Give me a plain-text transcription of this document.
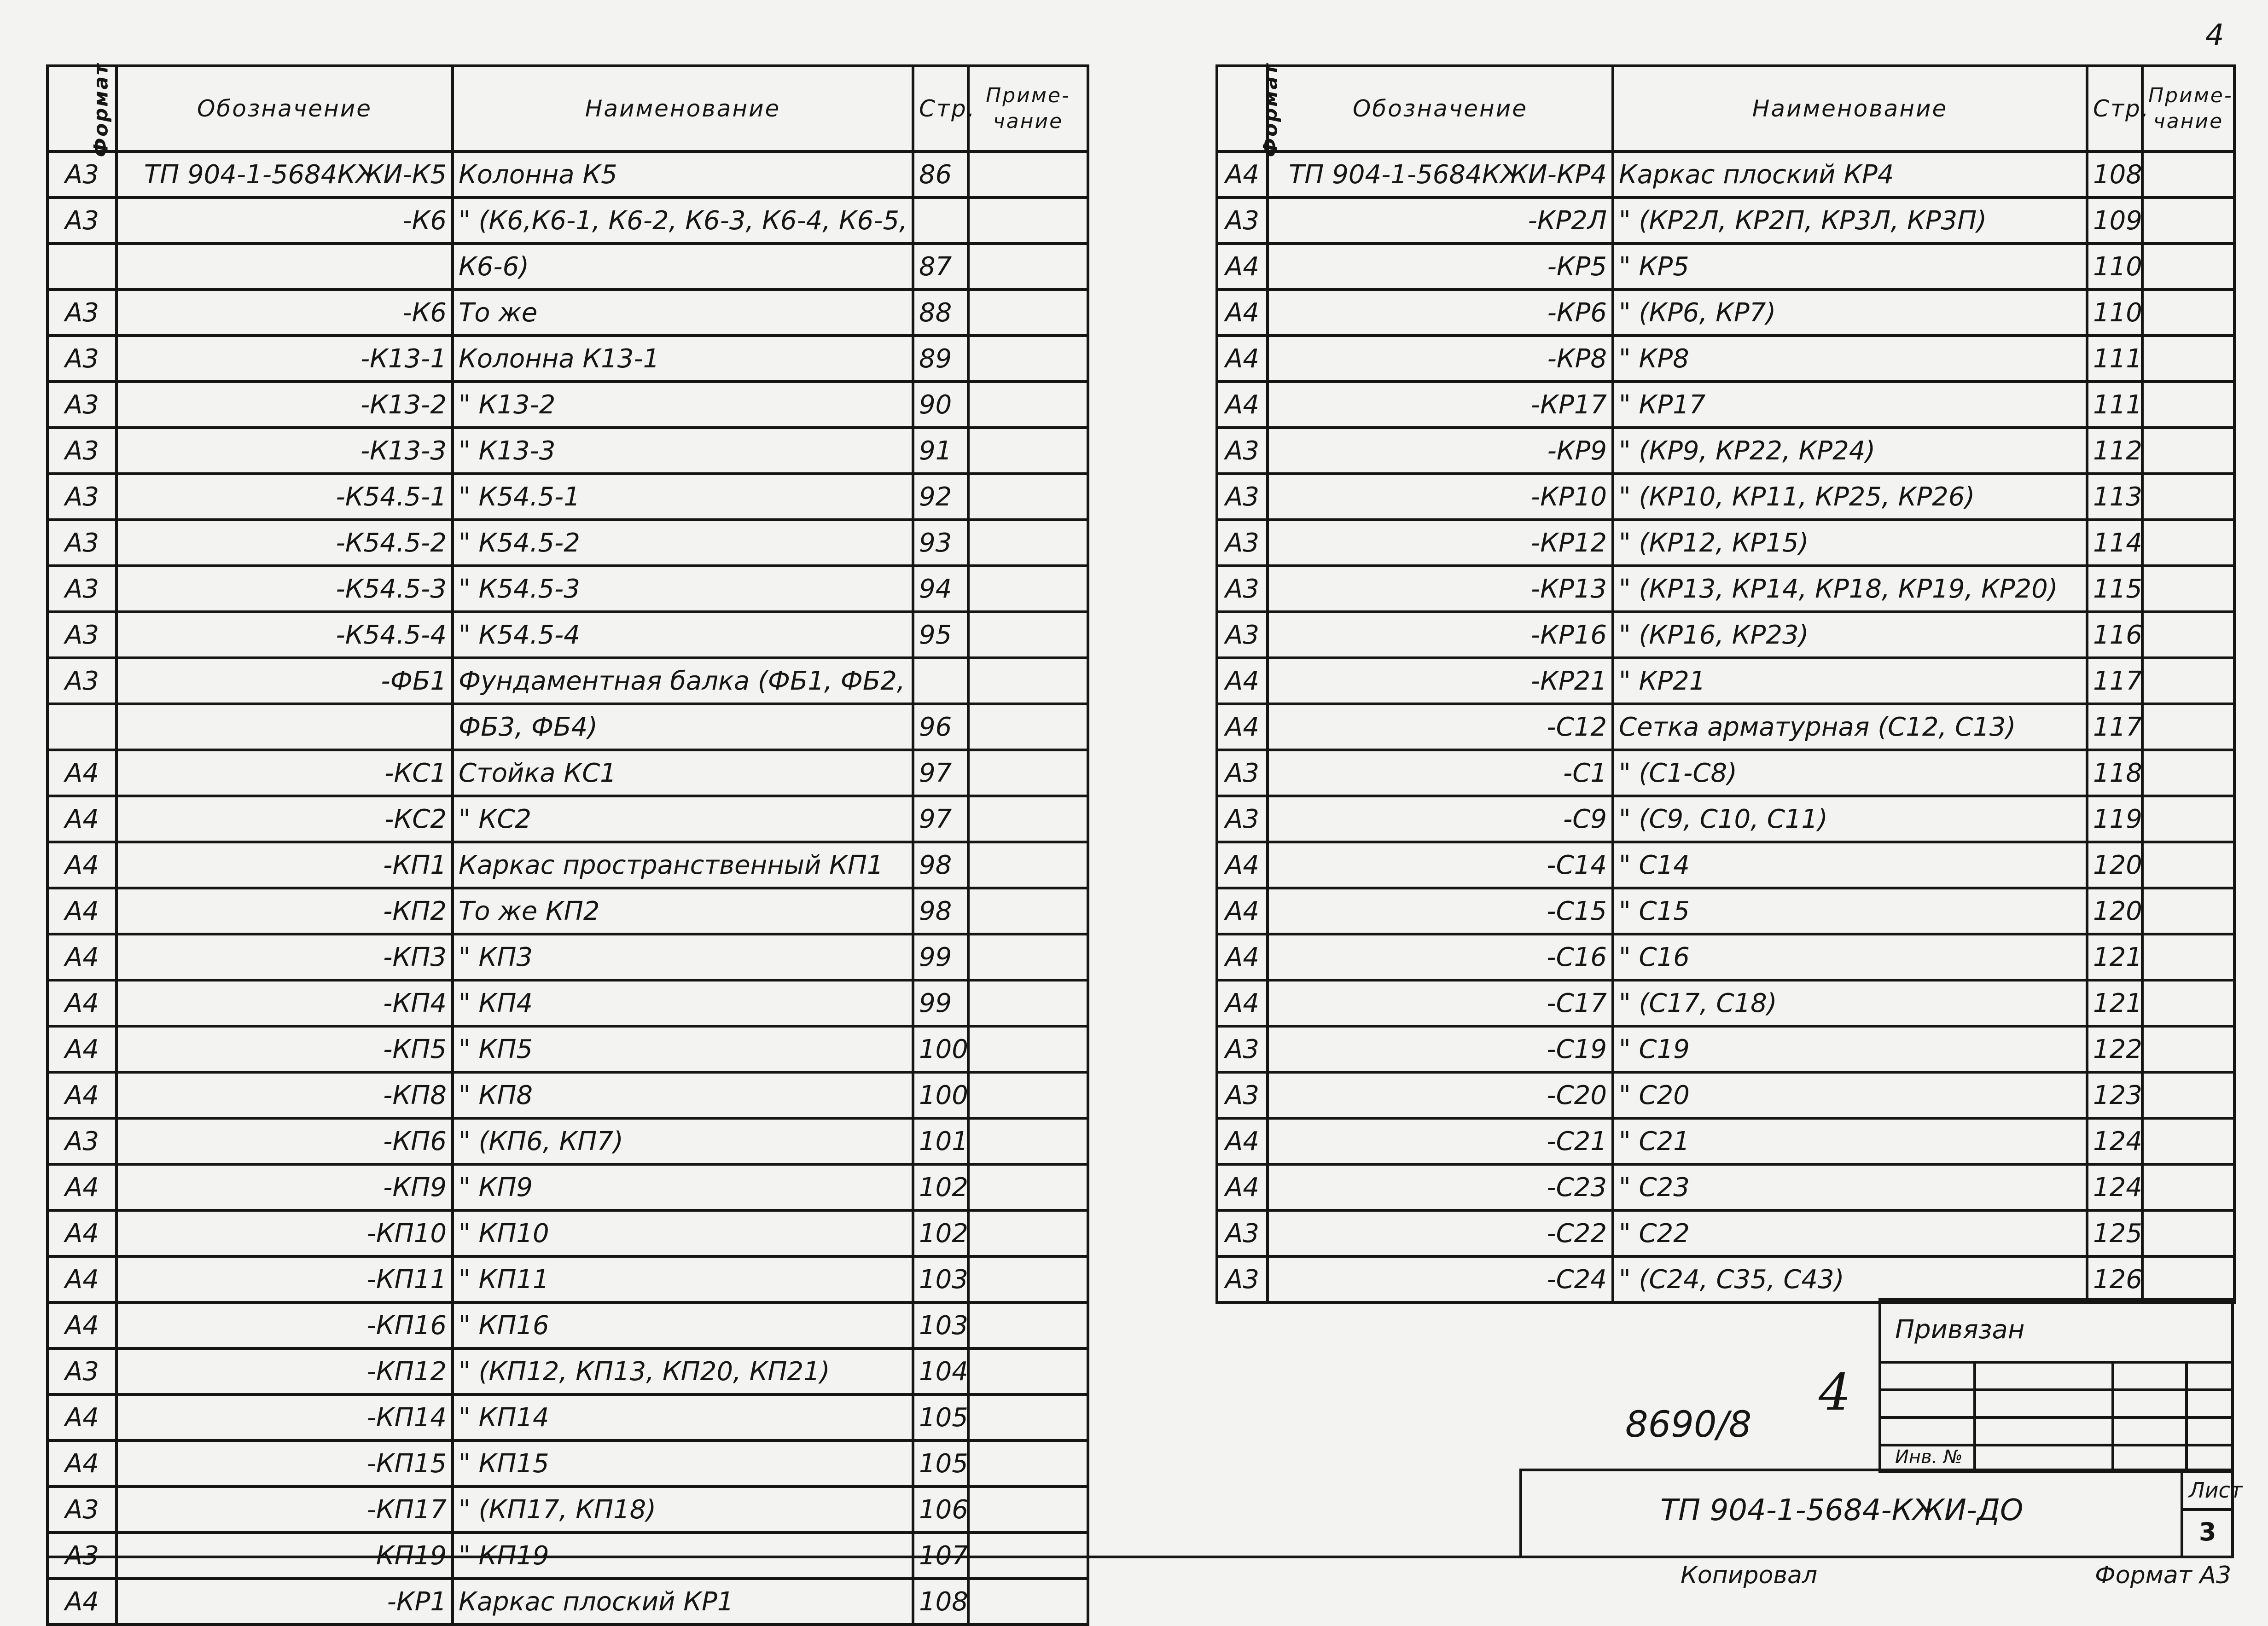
4
Формат	Обозначение	Наименование	Стр.	Приме-чание
А3	ТП 904-1-5684КЖИ-К5	Колонна К5	86	
А3	-К6	" (К6,К6-1, К6-2, К6-3, К6-4, К6-5,		
		К6-6)	87	
А3	-К6	То же	88	
А3	-К13-1	Колонна К13-1	89	
А3	-К13-2	" К13-2	90	
А3	-К13-3	" К13-3	91	
А3	-К54.5-1	" К54.5-1	92	
А3	-К54.5-2	" К54.5-2	93	
А3	-К54.5-3	" К54.5-3	94	
А3	-К54.5-4	" К54.5-4	95	
А3	-ФБ1	Фундаментная балка (ФБ1, ФБ2,		
		ФБ3, ФБ4)	96	
А4	-КС1	Стойка КС1	97	
А4	-КС2	" КС2	97	
А4	-КП1	Каркас пространственный КП1	98	
А4	-КП2	То же КП2	98	
А4	-КП3	" КП3	99	
А4	-КП4	" КП4	99	
А4	-КП5	" КП5	100	
А4	-КП8	" КП8	100	
А3	-КП6	" (КП6, КП7)	101	
А4	-КП9	" КП9	102	
А4	-КП10	" КП10	102	
А4	-КП11	" КП11	103	
А4	-КП16	" КП16	103	
А3	-КП12	" (КП12, КП13, КП20, КП21)	104	
А4	-КП14	" КП14	105	
А4	-КП15	" КП15	105	
А3	-КП17	" (КП17, КП18)	106	
А3	-КП19	" КП19	107	
А4	-КР1	Каркас плоский КР1	108	
Формат	Обозначение	Наименование	Стр.	Приме-чание
А4	ТП 904-1-5684КЖИ-КР4	Каркас плоский КР4	108	
А3	-КР2Л	" (КР2Л, КР2П, КР3Л, КР3П)	109	
А4	-КР5	" КР5	110	
А4	-КР6	" (КР6, КР7)	110	
А4	-КР8	" КР8	111	
А4	-КР17	" КР17	111	
А3	-КР9	" (КР9, КР22, КР24)	112	
А3	-КР10	" (КР10, КР11, КР25, КР26)	113	
А3	-КР12	" (КР12, КР15)	114	
А3	-КР13	" (КР13, КР14, КР18, КР19, КР20)	115	
А3	-КР16	" (КР16, КР23)	116	
А4	-КР21	" КР21	117	
А4	-С12	Сетка арматурная (С12, С13)	117	
А3	-С1	" (С1-С8)	118	
А3	-С9	" (С9, С10, С11)	119	
А4	-С14	" С14	120	
А4	-С15	" С15	120	
А4	-С16	" С16	121	
А4	-С17	" (С17, С18)	121	
А3	-С19	" С19	122	
А3	-С20	" С20	123	
А4	-С21	" С21	124	
А4	-С23	" С23	124	
А3	-С22	" С22	125	
А3	-С24	" (С24, С35, С43)	126	
8690/8
4
Привязан
Инв. №
ТП 904-1-5684-КЖИ-ДО
Лист
3
Копировал	Формат А3
